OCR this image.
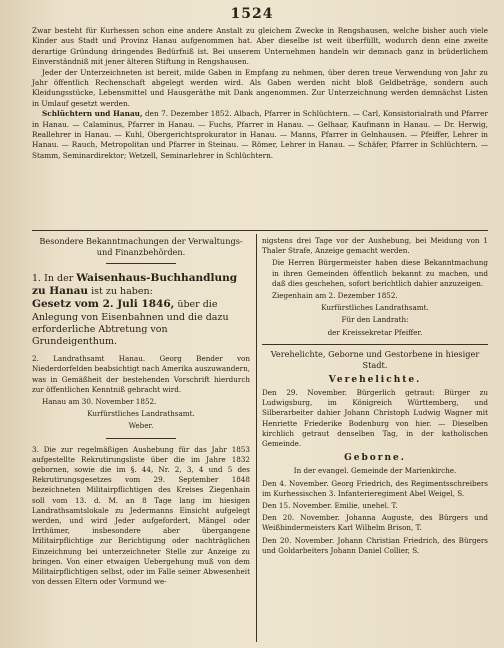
1524

Zwar besteht für Kurhessen schon eine andere Anstalt zu gleichem Zwecke in Rengshausen, welche bisher auch viele Kinder aus Stadt und Provinz Hanau aufgenommen hat. Aber dieselbe ist weit überfüllt, wodurch denn eine zweite derartige Gründung dringendes Bedürfniß ist. Bei unserem Unternehmen handeln wir demnach ganz in brüderlichem Einverständniß mit jener älteren Stiftung in Rengshausen.

Jeder der Unterzeichneten ist bereit, milde Gaben in Empfang zu nehmen, über deren treue Verwendung von Jahr zu Jahr öffentlich Rechenschaft abgelegt werden wird. Als Gaben werden nicht bloß Geldbeträge, sondern auch Kleidungsstücke, Lebensmittel und Hausgeräthe mit Dank angenommen. Zur Unterzeichnung werden demnächst Listen in Umlauf gesetzt werden.

Schlüchtern und Hanau, den 7. Dezember 1852. Albach, Pfarrer in Schlüchtern. — Carl, Konsistorialrath und Pfarrer in Hanau. — Calaminus, Pfarrer in Hanau. — Fuchs, Pfarrer in Hanau. — Gelhaar, Kaufmann in Hanau. — Dr. Herwig, Reallehrer in Hanau. — Kuhl, Obergerichtsprokurator in Hanau. — Manns, Pfarrer in Gelnhausen. — Pfeiffer, Lehrer in Hanau. — Rauch, Metropolitan und Pfarrer in Steinau. — Römer, Lehrer in Hanau. — Schäfer, Pfarrer in Schlüchtern. — Stamm, Seminardirektor; Wetzell, Seminarlehrer in Schlüchtern.

Besondere Bekanntmachungen der Verwaltungs- und Finanzbehörden.
1. In der Waisenhaus-Buchhandlung zu Hanau ist zu haben:
Gesetz vom 2. Juli 1846, über die Anlegung von Eisenbahnen und die dazu erforderliche Abtretung von Grundeigenthum.

2. Landrathsamt Hanau. Georg Bender von Niederdorfelden beabsichtigt nach Amerika auszuwandern, was in Gemäßheit der bestehenden Vorschrift hierdurch zur öffentlichen Kenntniß gebracht wird.

Hanau am 30. November 1852.

Kurfürstliches Landrathsamt.

Weber.

3. Die zur regelmäßigen Aushebung für das Jahr 1853 aufgestellte Rekrutirungsliste über die im Jahre 1832 gebornen, sowie die im §. 44, Nr. 2, 3, 4 und 5 des Rekrutirungsgesetzes vom 29. September 1848 bezeichneten Militairpflichtigen des Kreises Ziegenhain soll vom 13. d. M. an 8 Tage lang im hiesigen Landrathsamtslokale zu Jedermanns Einsicht aufgelegt werden, und wird Jeder aufgefordert, Mängel oder Irrthümer, insbesondere aber übergangene Militairpflichtige zur Berichtigung oder nachträglichen Einzeichnung bei unterzeichneter Stelle zur Anzeige zu bringen. Von einer etwaigen Uebergehung muß von dem Militairpflichtigen selbst, oder im Falle seiner Abwesenheit von dessen Eltern oder Vormund we-

nigstens drei Tage vor der Aushebung, bei Meidung von 1 Thaler Strafe, Anzeige gemacht werden.

Die Herren Bürgermeister haben diese Bekanntmachung in ihren Gemeinden öffentlich bekannt zu machen, und daß dies geschehen, sofort berichtlich dahier anzuzeigen.

Ziegenhain am 2. Dezember 1852.

Kurfürstliches Landrathsamt.

Für den Landrath:

der Kreissekretar Pfeiffer.

Verehelichte, Geborne und Gestorbene in hiesiger Stadt.
Verehelichte.

Den 29. November. Bürgerlich getraut: Bürger zu Ludwigsburg, im Königreich Württemberg, und Silberarbeiter dahier Johann Christoph Ludwig Wagner mit Henriette Friederike Bodenburg von hier. — Dieselben kirchlich getraut denselben Tag, in der katholischen Gemeinde.

Geborne.

In der evangel. Gemeinde der Marienkirche.

Den 4. November. Georg Friedrich, des Regimentsschreibers im Kurhessischen 3. Infanterieregiment Abel Weigel, S.

Den 15. November. Emilie, unehel. T.

Den 20. November. Johanna Auguste, des Bürgers und Weißbindermeisters Karl Wilhelm Brison, T.

Den 20. November. Johann Christian Friedrich, des Bürgers und Goldarbeiters Johann Daniel Collier, S.
